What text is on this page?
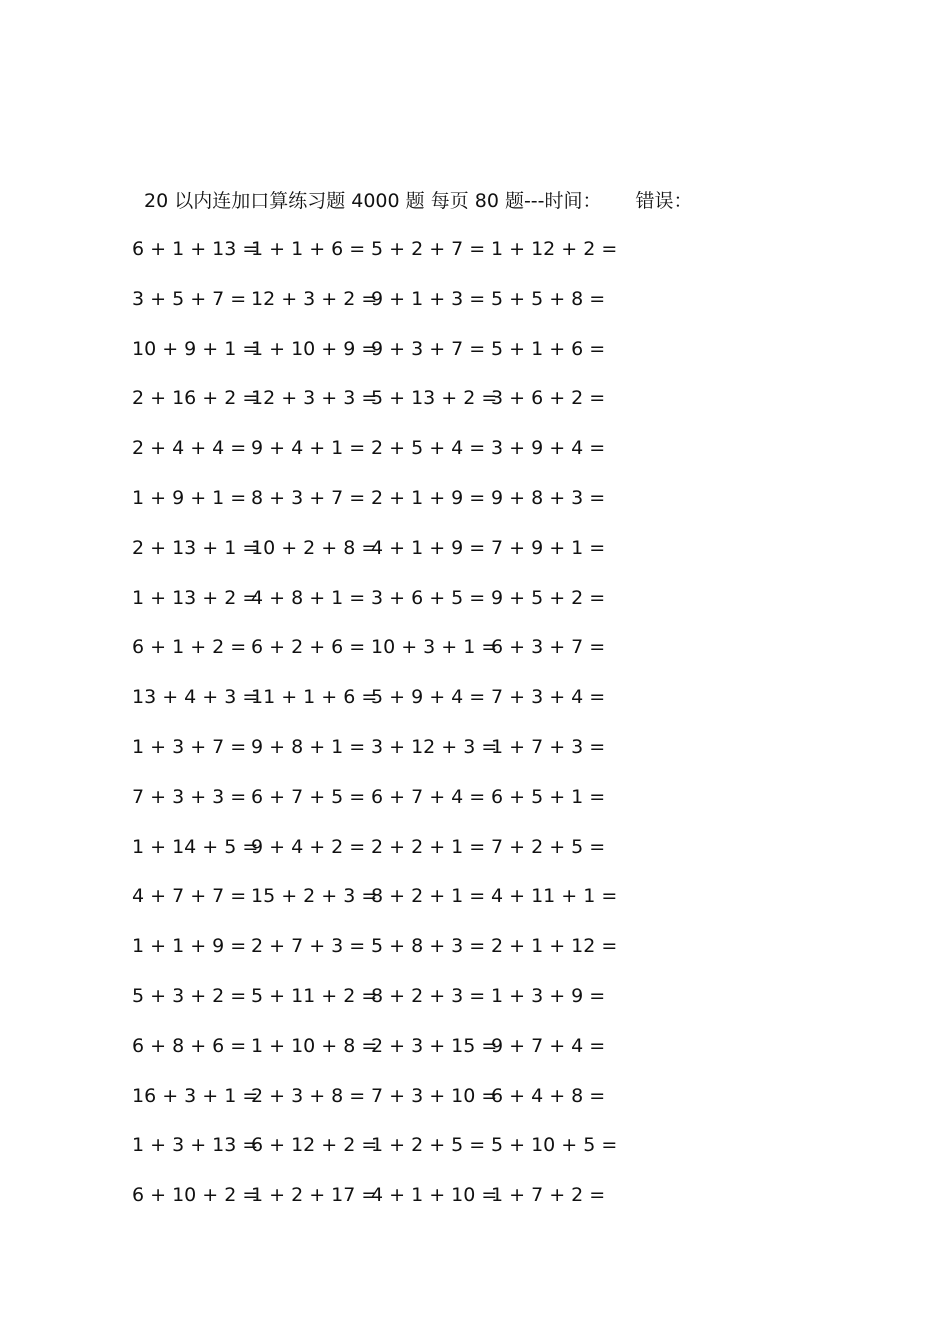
20 以内连加口算练习题 4000 题 每页 80 题---时间： 错误：
6 + 1 + 13 =
1 + 1 + 6 = 5 + 2 + 7 = 1 + 12 + 2 =
3 + 5 + 7 = 12 + 3 + 2 =
9 + 1 + 3 = 5 + 5 + 8 =
10 + 9 + 1 =
1 + 10 + 9 =
9 + 3 + 7 = 5 + 1 + 6 =
2 + 16 + 2 =
12 + 3 + 3 =
5 + 13 + 2 =
3 + 6 + 2 =
2 + 4 + 4 = 9 + 4 + 1 = 2 + 5 + 4 = 3 + 9 + 4 =
1 + 9 + 1 = 8 + 3 + 7 = 2 + 1 + 9 = 9 + 8 + 3 =
2 + 13 + 1 =
10 + 2 + 8 =
4 + 1 + 9 = 7 + 9 + 1 =
1 + 13 + 2 =
4 + 8 + 1 = 3 + 6 + 5 = 9 + 5 + 2 =
6 + 1 + 2 = 6 + 2 + 6 = 10 + 3 + 1 =
6 + 3 + 7 =
13 + 4 + 3 =
11 + 1 + 6 =
5 + 9 + 4 = 7 + 3 + 4 =
1 + 3 + 7 = 9 + 8 + 1 = 3 + 12 + 3 =
1 + 7 + 3 =
7 + 3 + 3 = 6 + 7 + 5 = 6 + 7 + 4 = 6 + 5 + 1 =
1 + 14 + 5 =
9 + 4 + 2 = 2 + 2 + 1 = 7 + 2 + 5 =
4 + 7 + 7 = 15 + 2 + 3 =
8 + 2 + 1 = 4 + 11 + 1 =
1 + 1 + 9 = 2 + 7 + 3 = 5 + 8 + 3 = 2 + 1 + 12 =
5 + 3 + 2 = 5 + 11 + 2 =
8 + 2 + 3 = 1 + 3 + 9 =
6 + 8 + 6 = 1 + 10 + 8 =
2 + 3 + 15 =
9 + 7 + 4 =
16 + 3 + 1 =
2 + 3 + 8 = 7 + 3 + 10 =
6 + 4 + 8 =
1 + 3 + 13 =
6 + 12 + 2 =
1 + 2 + 5 = 5 + 10 + 5 =
6 + 10 + 2 =
1 + 2 + 17 =
4 + 1 + 10 =
1 + 7 + 2 =
